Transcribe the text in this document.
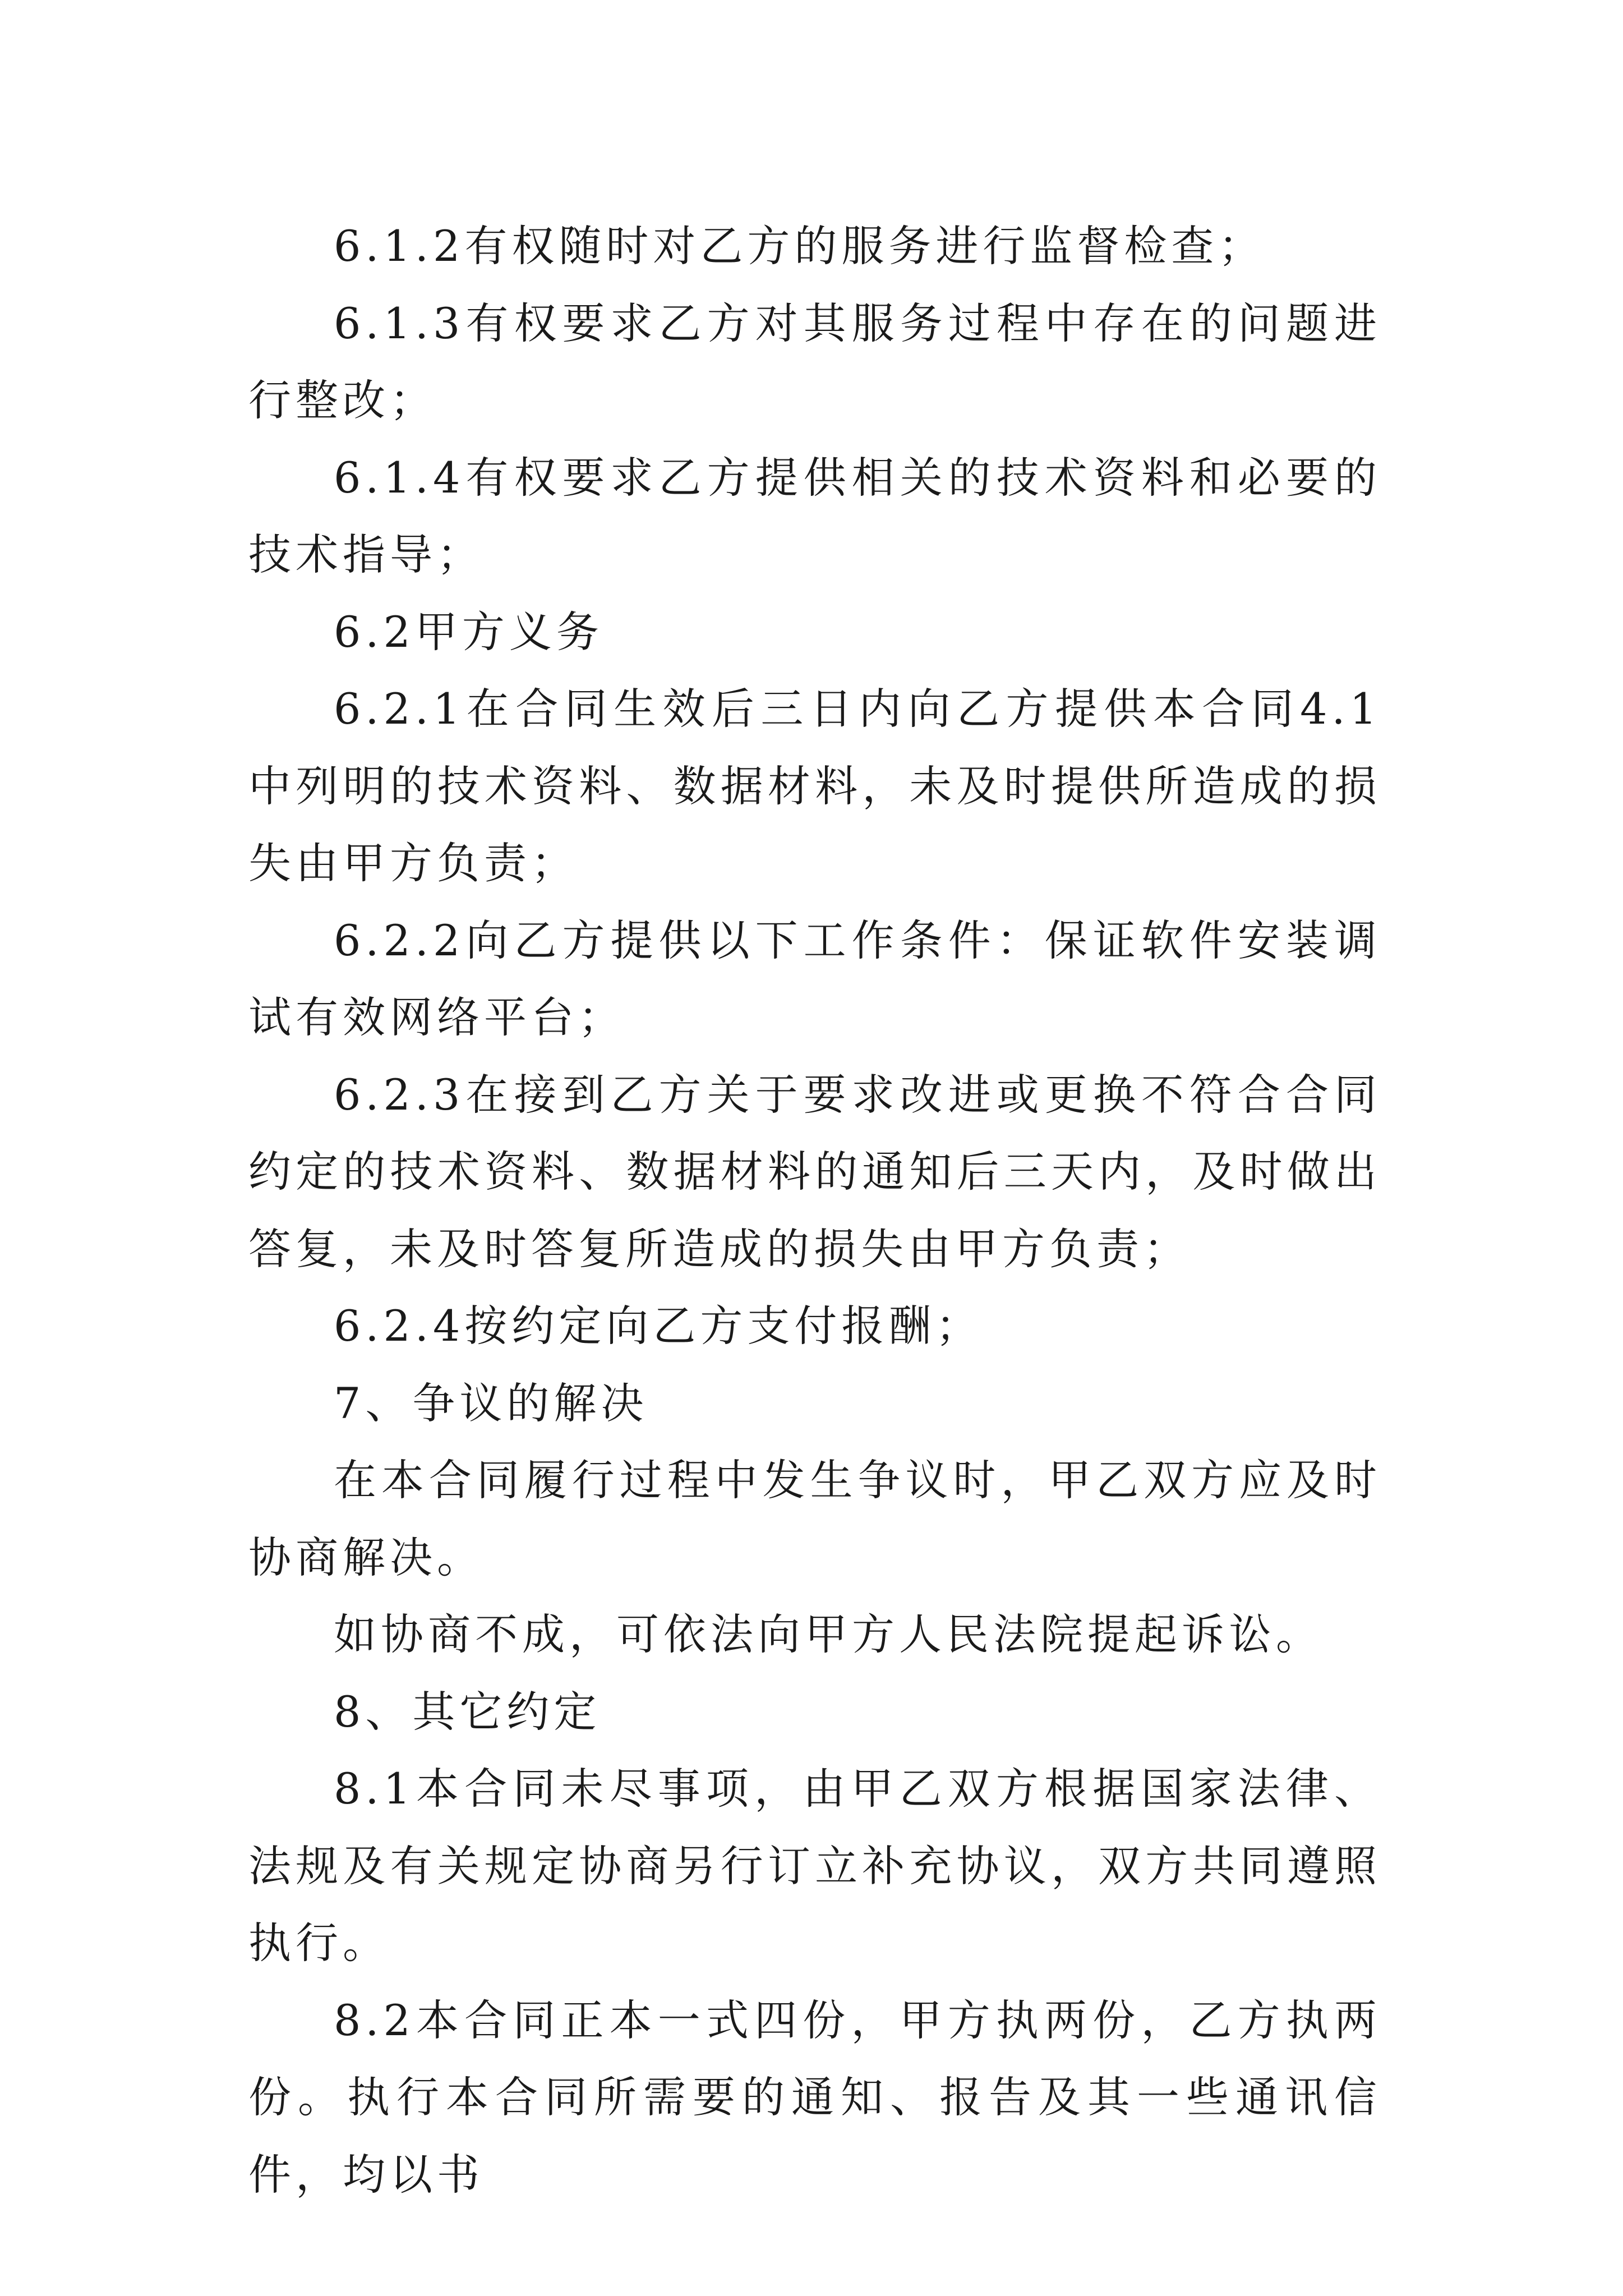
6.1.2有权随时对乙方的服务进行监督检查；

6.1.3有权要求乙方对其服务过程中存在的问题进行整改；

6.1.4有权要求乙方提供相关的技术资料和必要的技术指导；

6.2甲方义务

6.2.1在合同生效后三日内向乙方提供本合同4.1中列明的技术资料、数据材料，未及时提供所造成的损失由甲方负责；

6.2.2向乙方提供以下工作条件：保证软件安装调试有效网络平台；

6.2.3在接到乙方关于要求改进或更换不符合合同约定的技术资料、数据材料的通知后三天内，及时做出答复，未及时答复所造成的损失由甲方负责；

6.2.4按约定向乙方支付报酬；

7、争议的解决

在本合同履行过程中发生争议时，甲乙双方应及时协商解决。

如协商不成，可依法向甲方人民法院提起诉讼。

8、其它约定

8.1本合同未尽事项，由甲乙双方根据国家法律、法规及有关规定协商另行订立补充协议，双方共同遵照执行。

8.2本合同正本一式四份，甲方执两份，乙方执两份。执行本合同所需要的通知、报告及其一些通讯信件，均以书
